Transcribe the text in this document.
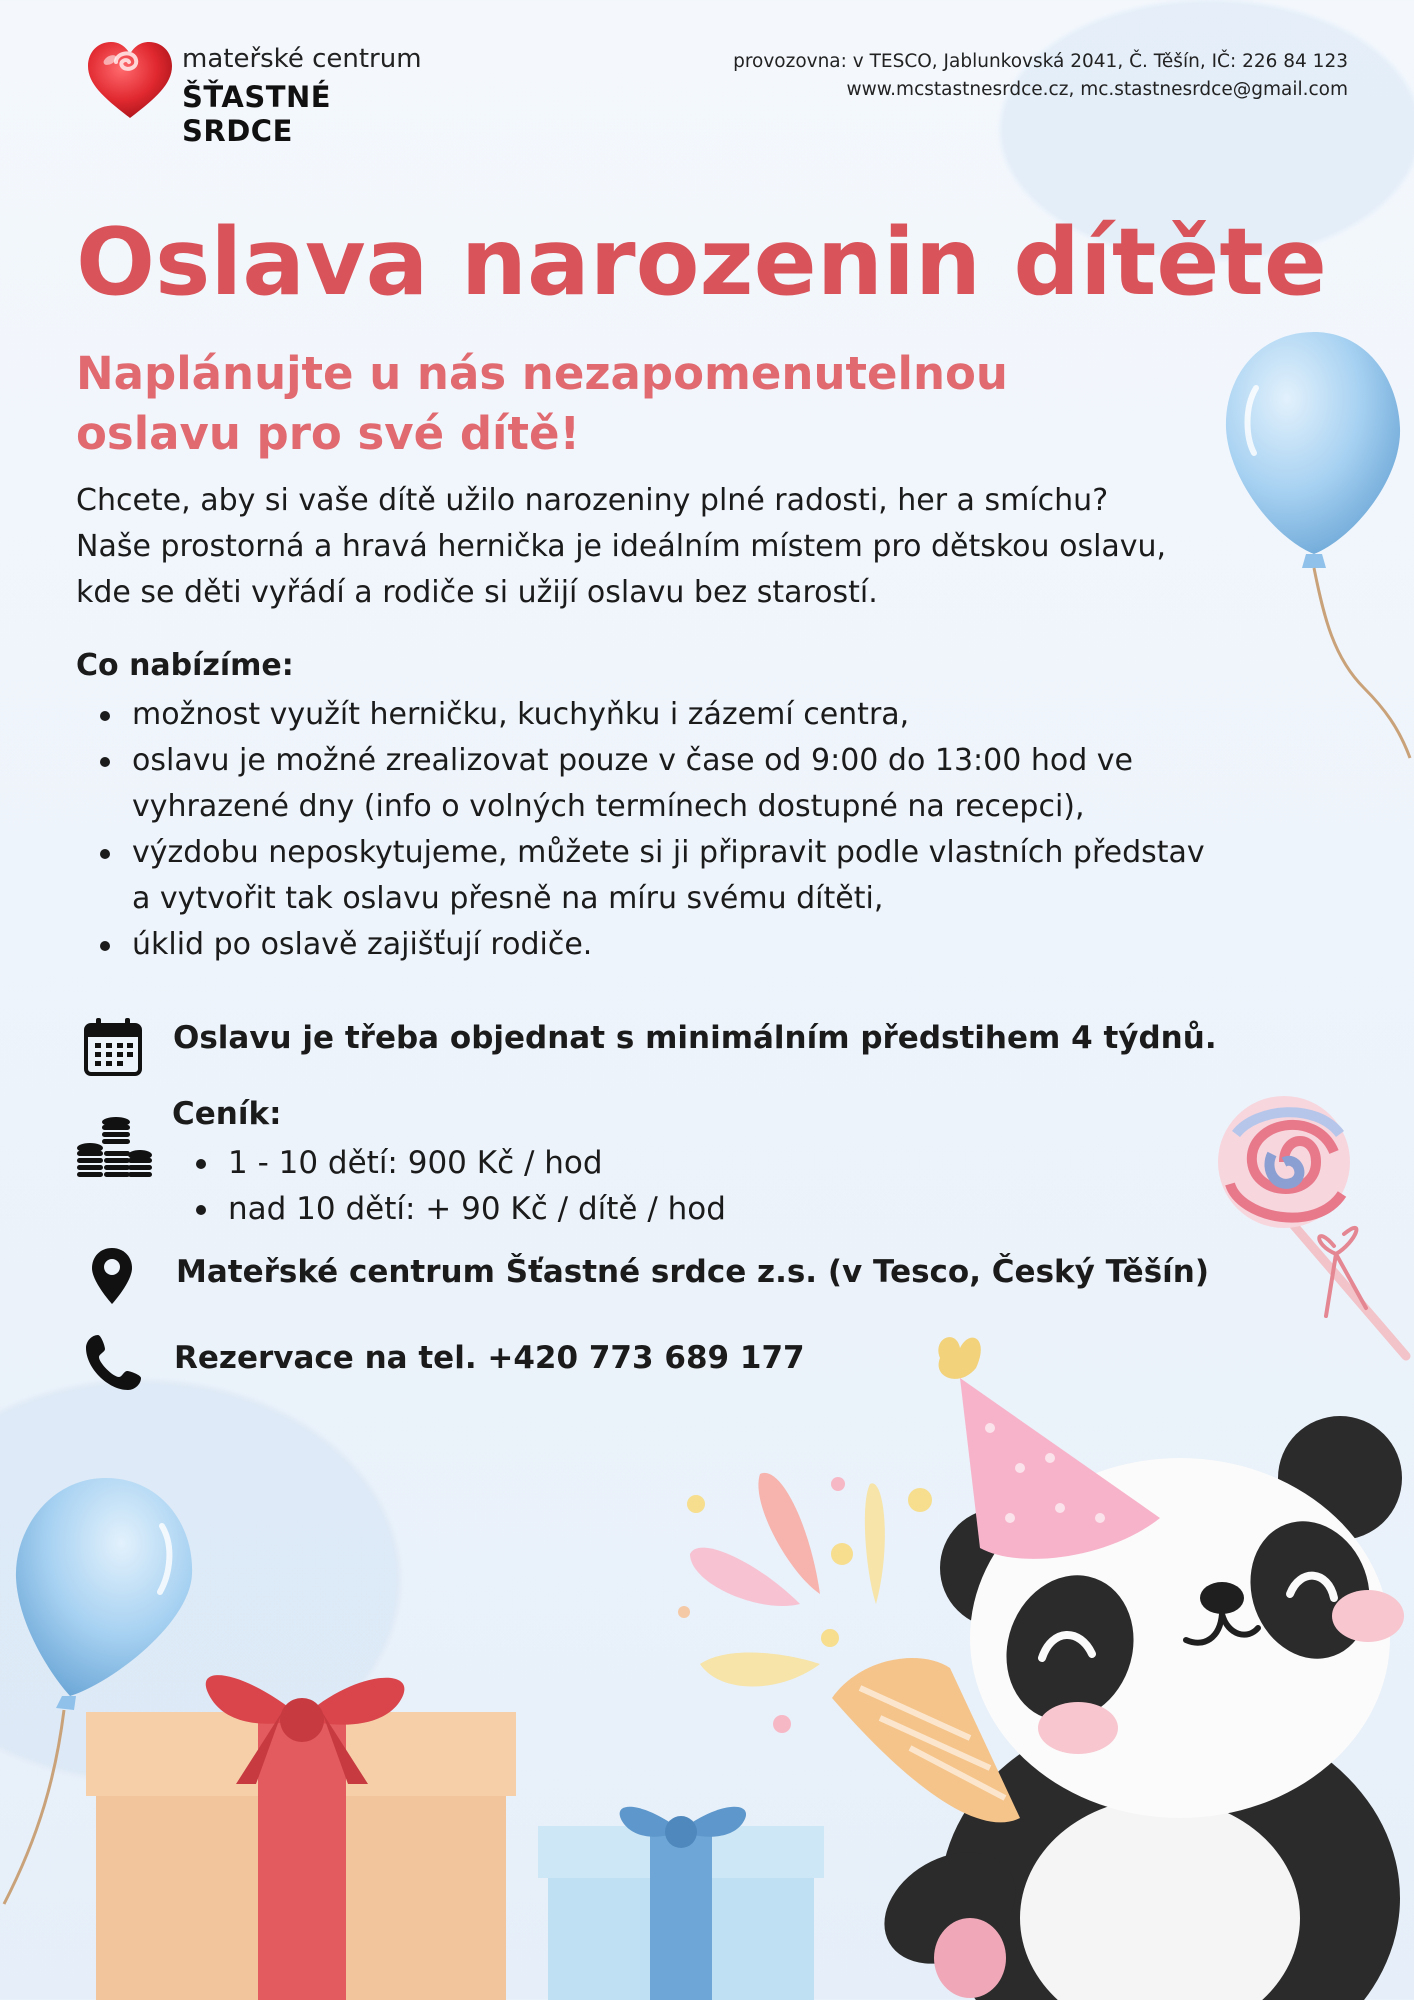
mateřské centrum
ŠŤASTNÉ SRDCE
provozovna: v TESCO, Jablunkovská 2041, Č. Těšín, IČ: 226 84 123
www.mcstastnesrdce.cz, mc.stastnesrdce@gmail.com
Oslava narozenin dítěte
Naplánujte u nás nezapomenutelnou oslavu pro své dítě!
Chcete, aby si vaše dítě užilo narozeniny plné radosti, her a smíchu?
Naše prostorná a hravá hernička je ideálním místem pro dětskou oslavu,
kde se děti vyřádí a rodiče si užijí oslavu bez starostí.
Co nabízíme:
možnost využít herničku, kuchyňku i zázemí centra,
oslavu je možné zrealizovat pouze v čase od 9:00 do 13:00 hod ve
vyhrazené dny (info o volných termínech dostupné na recepci),
výzdobu neposkytujeme, můžete si ji připravit podle vlastních představ
a vytvořit tak oslavu přesně na míru svému dítěti,
úklid po oslavě zajišťují rodiče.
Oslavu je třeba objednat s minimálním předstihem 4 týdnů.
Ceník:
1 - 10 dětí: 900 Kč / hod
nad 10 dětí: + 90 Kč / dítě / hod
Mateřské centrum Šťastné srdce z.s. (v Tesco, Český Těšín)
Rezervace na tel. +420 773 689 177
